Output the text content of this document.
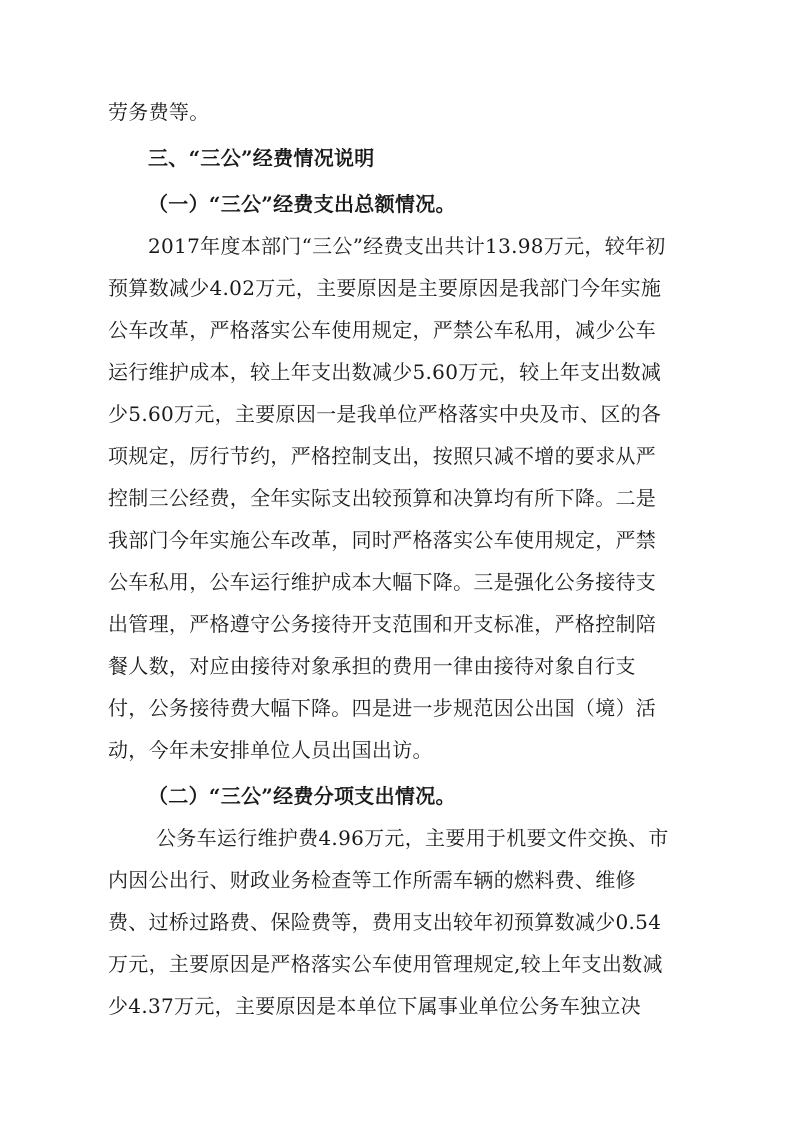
劳务费等。
三、“三公”经费情况说明
（一）“三公”经费支出总额情况。
2017年度本部门“三公”经费支出共计13.98万元，较年初
预算数减少4.02万元，主要原因是主要原因是我部门今年实施
公车改革，严格落实公车使用规定，严禁公车私用，减少公车
运行维护成本，较上年支出数减少5.60万元，较上年支出数减
少5.60万元，主要原因一是我单位严格落实中央及市、区的各
项规定，厉行节约，严格控制支出，按照只减不增的要求从严
控制三公经费，全年实际支出较预算和决算均有所下降。二是
我部门今年实施公车改革，同时严格落实公车使用规定，严禁
公车私用，公车运行维护成本大幅下降。三是强化公务接待支
出管理，严格遵守公务接待开支范围和开支标准，严格控制陪
餐人数，对应由接待对象承担的费用一律由接待对象自行支
付，公务接待费大幅下降。四是进一步规范因公出国（境）活
动，今年未安排单位人员出国出访。
（二）“三公”经费分项支出情况。
公务车运行维护费4.96万元，主要用于机要文件交换、市
内因公出行、财政业务检查等工作所需车辆的燃料费、维修
费、过桥过路费、保险费等，费用支出较年初预算数减少0.54
万元，主要原因是严格落实公车使用管理规定,较上年支出数减
少4.37万元，主要原因是本单位下属事业单位公务车独立决
